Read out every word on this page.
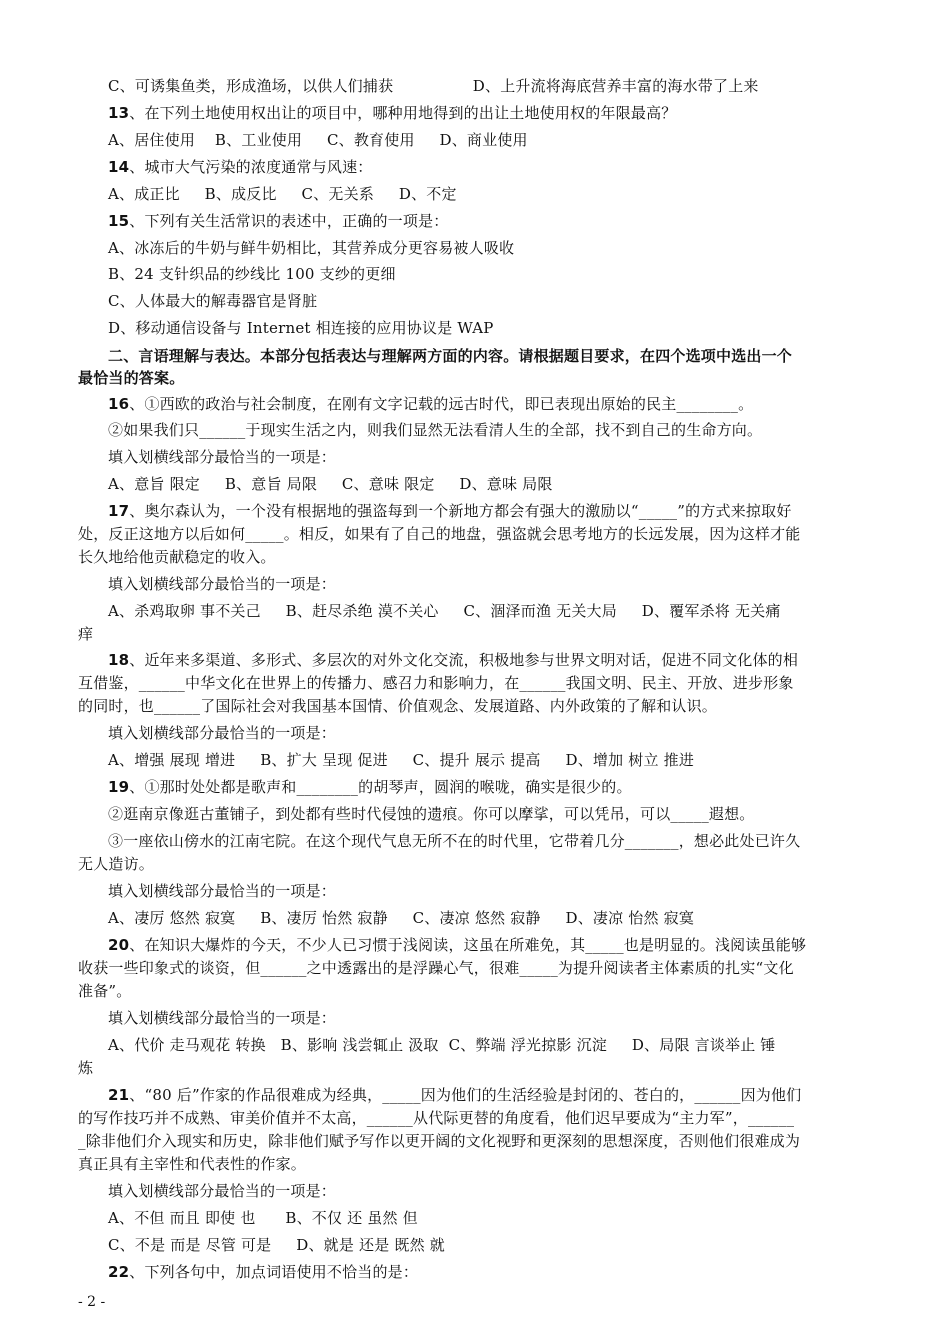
C、可诱集鱼类，形成渔场，以供人们捕获                D、上升流将海底营养丰富的海水带了上来
13、在下列土地使用权出让的项目中，哪种用地得到的出让土地使用权的年限最高？
A、居住使用    B、工业使用     C、教育使用     D、商业使用
14、城市大气污染的浓度通常与风速：
A、成正比     B、成反比     C、无关系     D、不定
15、下列有关生活常识的表述中，正确的一项是：
A、冰冻后的牛奶与鲜牛奶相比，其营养成分更容易被人吸收
B、24 支针织品的纱线比 100 支纱的更细
C、人体最大的解毒器官是肾脏
D、移动通信设备与 Internet 相连接的应用协议是 WAP
二、言语理解与表达。本部分包括表达与理解两方面的内容。请根据题目要求，在四个选项中选出一个
最恰当的答案。
16、①西欧的政治与社会制度，在刚有文字记载的远古时代，即已表现出原始的民主________。
②如果我们只______于现实生活之内，则我们显然无法看清人生的全部，找不到自己的生命方向。
填入划横线部分最恰当的一项是：
A、意旨 限定     B、意旨 局限     C、意味 限定     D、意味 局限
17、奥尔森认为，一个没有根据地的强盗每到一个新地方都会有强大的激励以“_____”的方式来掠取好
处，反正这地方以后如何_____。相反，如果有了自己的地盘，强盗就会思考地方的长远发展，因为这样才能
长久地给他贡献稳定的收入。
填入划横线部分最恰当的一项是：
A、杀鸡取卵 事不关己     B、赶尽杀绝 漠不关心     C、涸泽而渔 无关大局     D、覆军杀将 无关痛
痒
18、近年来多渠道、多形式、多层次的对外文化交流，积极地参与世界文明对话，促进不同文化体的相
互借鉴，______中华文化在世界上的传播力、感召力和影响力，在______我国文明、民主、开放、进步形象
的同时，也______了国际社会对我国基本国情、价值观念、发展道路、内外政策的了解和认识。
填入划横线部分最恰当的一项是：
A、增强 展现 增进     B、扩大 呈现 促进     C、提升 展示 提高     D、增加 树立 推进
19、①那时处处都是歌声和________的胡琴声，圆润的喉咙，确实是很少的。
②逛南京像逛古董铺子，到处都有些时代侵蚀的遗痕。你可以摩挲，可以凭吊，可以_____遐想。
③一座依山傍水的江南宅院。在这个现代气息无所不在的时代里，它带着几分_______，想必此处已许久
无人造访。
填入划横线部分最恰当的一项是：
A、凄厉 悠然 寂寞     B、凄厉 怡然 寂静     C、凄凉 悠然 寂静     D、凄凉 怡然 寂寞
20、在知识大爆炸的今天，不少人已习惯于浅阅读，这虽在所难免，其_____也是明显的。浅阅读虽能够
收获一些印象式的谈资，但______之中透露出的是浮躁心气，很难_____为提升阅读者主体素质的扎实“文化
准备”。
填入划横线部分最恰当的一项是：
A、代价 走马观花 转换   B、影响 浅尝辄止 汲取  C、弊端 浮光掠影 沉淀     D、局限 言谈举止 锤
炼
21、“80 后”作家的作品很难成为经典，_____因为他们的生活经验是封闭的、苍白的，______因为他们
的写作技巧并不成熟、审美价值并不太高，______从代际更替的角度看，他们迟早要成为“主力军”，______
_除非他们介入现实和历史，除非他们赋予写作以更开阔的文化视野和更深刻的思想深度，否则他们很难成为
真正具有主宰性和代表性的作家。
填入划横线部分最恰当的一项是：
A、不但 而且 即使 也      B、不仅 还 虽然 但
C、不是 而是 尽管 可是     D、就是 还是 既然 就
22、下列各句中，加点词语使用不恰当的是：
- 2 -
